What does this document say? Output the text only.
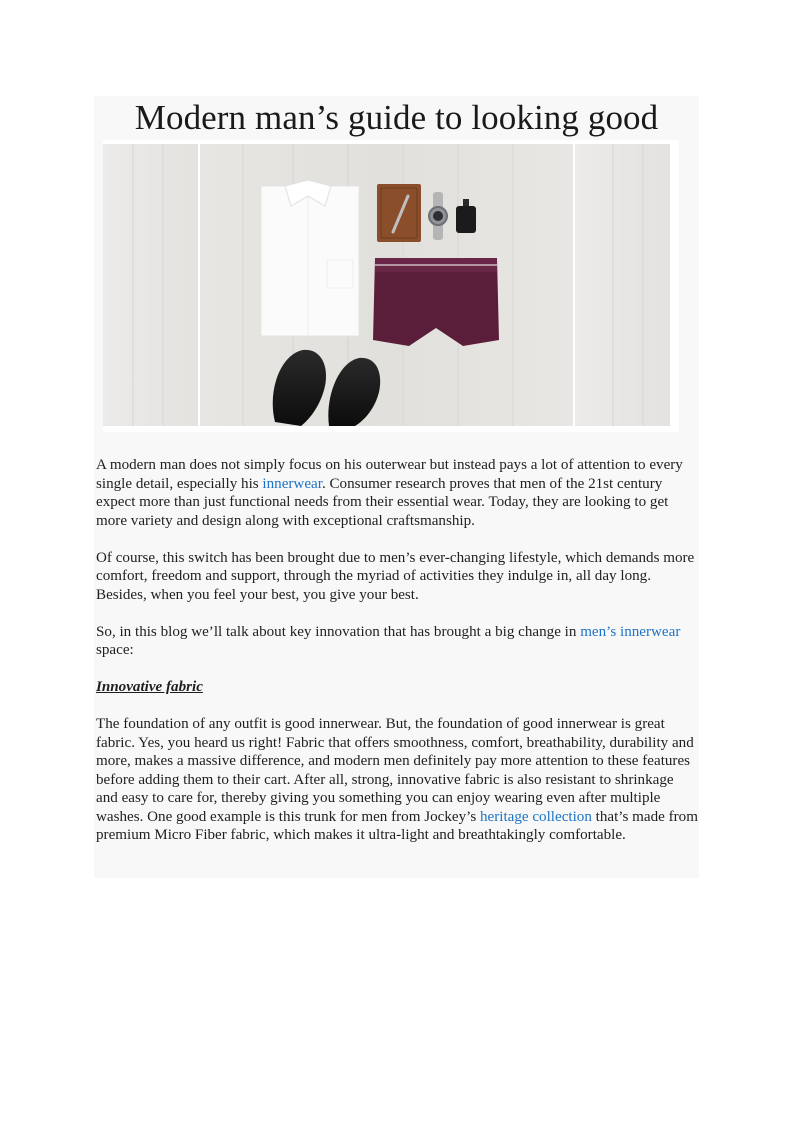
Modern man’s guide to looking good

A modern man does not simply focus on his outerwear but instead pays a lot of attention to every single detail, especially his innerwear. Consumer research proves that men of the 21st century expect more than just functional needs from their essential wear. Today, they are looking to get more variety and design along with exceptional craftsmanship.

Of course, this switch has been brought due to men’s ever-changing lifestyle, which demands more comfort, freedom and support, through the myriad of activities they indulge in, all day long. Besides, when you feel your best, you give your best.

So, in this blog we’ll talk about key innovation that has brought a big change in men’s innerwear space:

Innovative fabric

The foundation of any outfit is good innerwear. But, the foundation of good innerwear is great fabric. Yes, you heard us right! Fabric that offers smoothness, comfort, breathability, durability and more, makes a massive difference, and modern men definitely pay more attention to these features before adding them to their cart. After all, strong, innovative fabric is also resistant to shrinkage and easy to care for, thereby giving you something you can enjoy wearing even after multiple washes. One good example is this trunk for men from Jockey’s heritage collection that’s made from premium Micro Fiber fabric, which makes it ultra-light and breathtakingly comfortable.
